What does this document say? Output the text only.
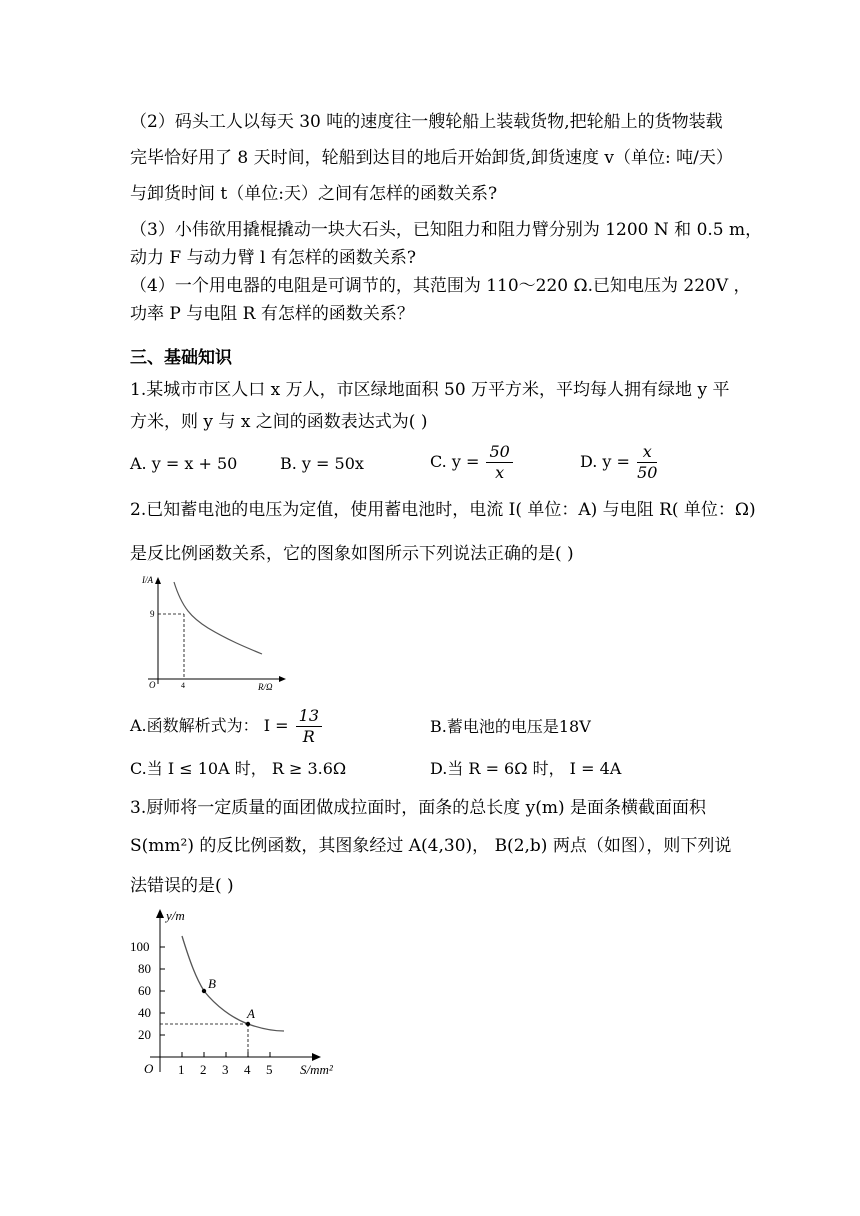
（2）码头工人以每天 30 吨的速度往一艘轮船上装载货物,把轮船上的货物装载
完毕恰好用了 8 天时间，轮船到达目的地后开始卸货,卸货速度 v（单位: 吨/天）
与卸货时间 t（单位:天）之间有怎样的函数关系?
（3）小伟欲用撬棍撬动一块大石头，已知阻力和阻力臂分别为 1200 N 和 0.5 m，
动力 F 与动力臂 l 有怎样的函数关系?
（4）一个用电器的电阻是可调节的，其范围为 110～220 Ω.已知电压为 220V ，
功率 P 与电阻 R 有怎样的函数关系？
三、基础知识
1.某城市市区人口 x 万人，市区绿地面积 50 万平方米，平均每人拥有绿地 y 平
方米，则 y 与 x 之间的函数表达式为( )
A. y = x + 50	B. y = 50x	C. $y = \frac{50}{x}$	D. $y = \frac{x}{50}$
2.已知蓄电池的电压为定值，使用蓄电池时，电流 I( 单位：A) 与电阻 R( 单位：Ω)
是反比例函数关系，它的图象如图所示下列说法正确的是( )
I/A
9
O	4	R/Ω
A.函数解析式为： $I = \frac{13}{R}$	B.蓄电池的电压是18V
C.当 I ≤ 10A 时， R ≥ 3.6Ω	D.当 R = 6Ω 时， I = 4A
3.厨师将一定质量的面团做成拉面时，面条的总长度 y(m) 是面条横截面面积
S(mm²) 的反比例函数，其图象经过 A(4,30)， B(2,b) 两点（如图），则下列说
法错误的是( )
y/m
100
80
60
40
20
O 1 2 3 4 5 S/mm²
B
A
